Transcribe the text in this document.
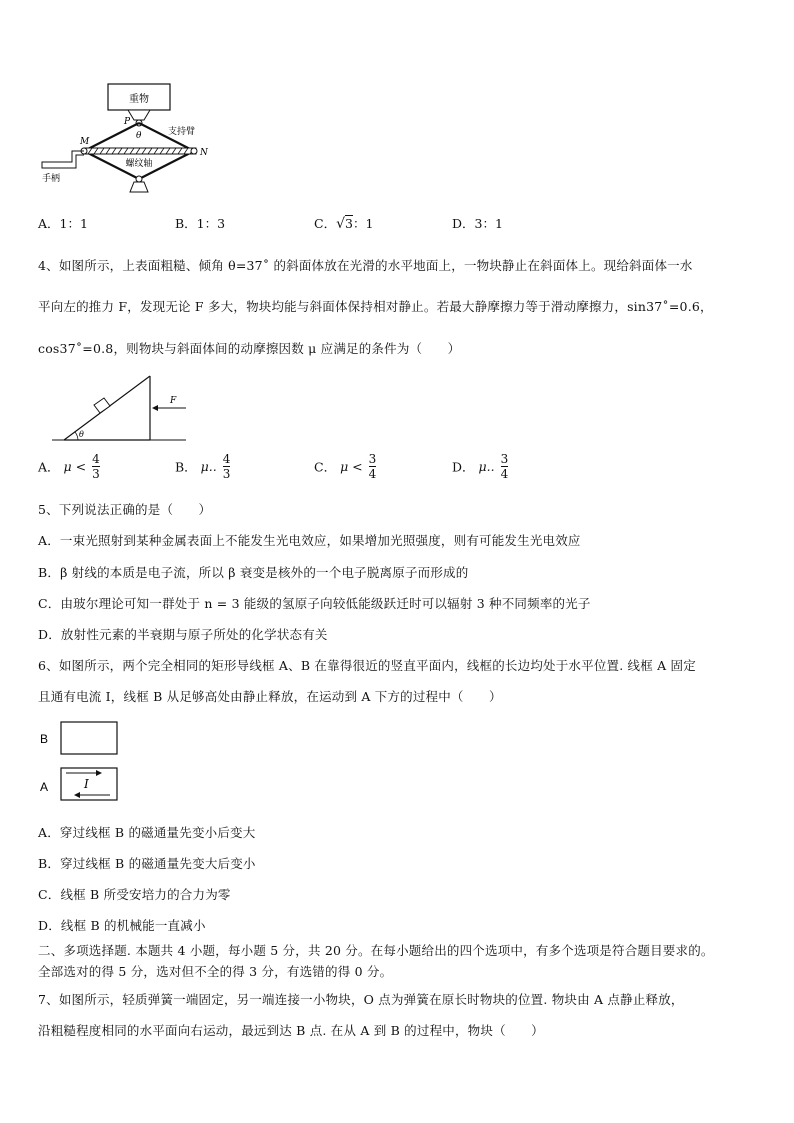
重物
P
θ	支持臂
M
N
螺纹轴
手柄
A．1：1	B．1：3	C．√3：1	D．3：1
4、如图所示，上表面粗糙、倾角 θ=37˚ 的斜面体放在光滑的水平地面上，一物块静止在斜面体上。现给斜面体一水
平向左的推力 F，发现无论 F 多大，物块均能与斜面体保持相对静止。若最大静摩擦力等于滑动摩擦力，sin37˚=0.6，
cos37˚=0.8，则物块与斜面体间的动摩擦因数 μ 应满足的条件为（　　）
θ
F
A． $\mu < \frac{4}{3}$	B． μ.. $\frac{4}{3}$	C． $\mu < \frac{3}{4}$	D． μ.. $\frac{3}{4}$
5、下列说法正确的是（　　）
A．一束光照射到某种金属表面上不能发生光电效应，如果增加光照强度，则有可能发生光电效应
B．β 射线的本质是电子流，所以 β 衰变是核外的一个电子脱离原子而形成的
C．由玻尔理论可知一群处于 n = 3 能级的氢原子向较低能级跃迁时可以辐射 3 种不同频率的光子
D．放射性元素的半衰期与原子所处的化学状态有关
6、如图所示，两个完全相同的矩形导线框 A、B 在靠得很近的竖直平面内，线框的长边均处于水平位置. 线框 A 固定
且通有电流 I，线框 B 从足够高处由静止释放，在运动到 A 下方的过程中（　　）
B
A	I
A．穿过线框 B 的磁通量先变小后变大
B．穿过线框 B 的磁通量先变大后变小
C．线框 B 所受安培力的合力为零
D．线框 B 的机械能一直减小
二、多项选择题. 本题共 4 小题，每小题 5 分，共 20 分。在每小题给出的四个选项中，有多个选项是符合题目要求的。
全部选对的得 5 分，选对但不全的得 3 分，有选错的得 0 分。
7、如图所示，轻质弹簧一端固定，另一端连接一小物块，O 点为弹簧在原长时物块的位置. 物块由 A 点静止释放，
沿粗糙程度相同的水平面向右运动，最远到达 B 点. 在从 A 到 B 的过程中，物块（　　）
